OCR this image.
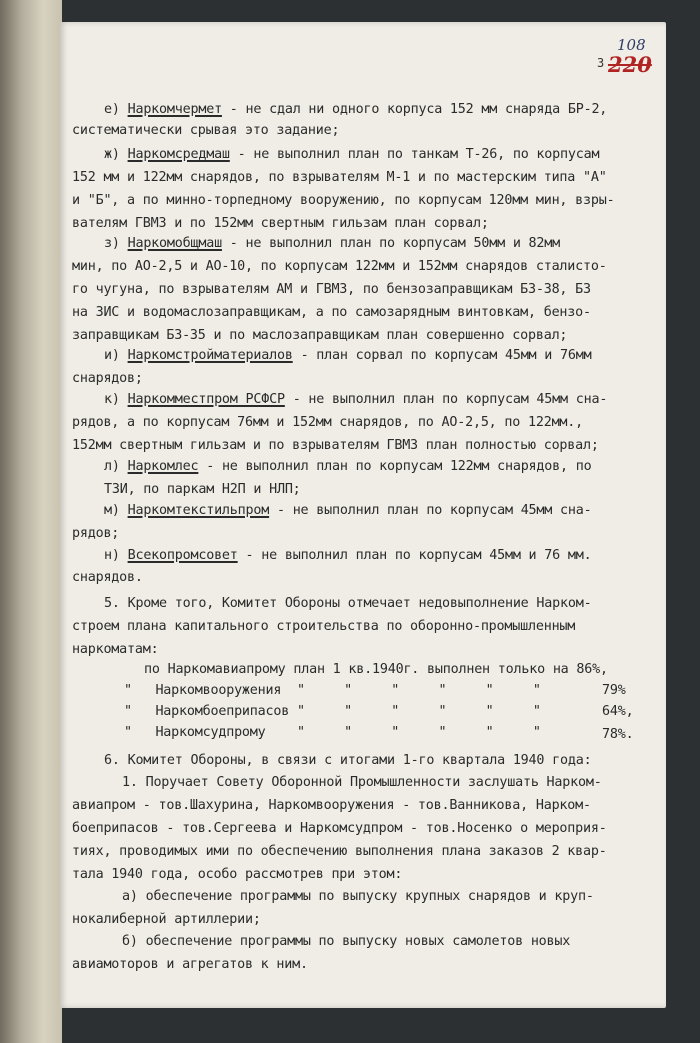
3
108
220
е) Наркомчермет - не сдал ни одного корпуса 152 мм снаряда БР-2,
систематически срывая это задание;
ж) Наркомсредмаш - не выполнил план по танкам Т-26, по корпусам
152 мм и 122мм снарядов, по взрывателям М-1 и по мастерским типа "А"
и "Б", а по минно-торпедному вооружению, по корпусам 120мм мин, взры-
вателям ГВМЗ и по 152мм свертным гильзам план сорвал;
з) Наркомобщмаш - не выполнил план по корпусам 50мм и 82мм
мин, по АО-2,5 и АО-10, по корпусам 122мм и 152мм снарядов сталисто-
го чугуна, по взрывателям АМ и ГВМЗ, по бензозаправщикам БЗ-38, БЗ
на ЗИС и водомаслозаправщикам, а по самозарядным винтовкам, бензо-
заправщикам БЗ-35 и по маслозаправщикам план совершенно сорвал;
и) Наркомстройматериалов - план сорвал по корпусам 45мм и 76мм
снарядов;
к) Наркомместпром РСФСР - не выполнил план по корпусам 45мм сна-
рядов, а по корпусам 76мм и 152мм снарядов, по АО-2,5, по 122мм.,
152мм свертным гильзам и по взрывателям ГВМЗ план полностью сорвал;
л) Наркомлес - не выполнил план по корпусам 122мм снарядов, по
ТЗИ, по паркам Н2П и НЛП;
м) Наркомтекстильпром - не выполнил план по корпусам 45мм сна-
рядов;
н) Всекопромсовет - не выполнил план по корпусам 45мм и 76 мм.
снарядов.
5. Кроме того, Комитет Обороны отмечает недовыполнение Нарком-
строем плана капитального строительства по оборонно-промышленным
наркоматам:
по Наркомавиапрому план 1 кв.1940г. выполнен только на 86%,
"   Наркомвооружения  "     "     "     "     "     "	79%
"   Наркомбоеприпасов "     "     "     "     "     "	64%,
"   Наркомсудпрому    "     "     "     "     "     "	78%.
6. Комитет Обороны, в связи с итогами 1-го квартала 1940 года:
1. Поручает Совету Оборонной Промышленности заслушать Нарком-
авиапром - тов.Шахурина, Наркомвооружения - тов.Ванникова, Нарком-
боеприпасов - тов.Сергеева и Наркомсудпром - тов.Носенко о мероприя-
тиях, проводимых ими по обеспечению выполнения плана заказов 2 квар-
тала 1940 года, особо рассмотрев при этом:
а) обеспечение программы по выпуску крупных снарядов и круп-
нокалиберной артиллерии;
б) обеспечение программы по выпуску новых самолетов новых
авиамоторов и агрегатов к ним.
